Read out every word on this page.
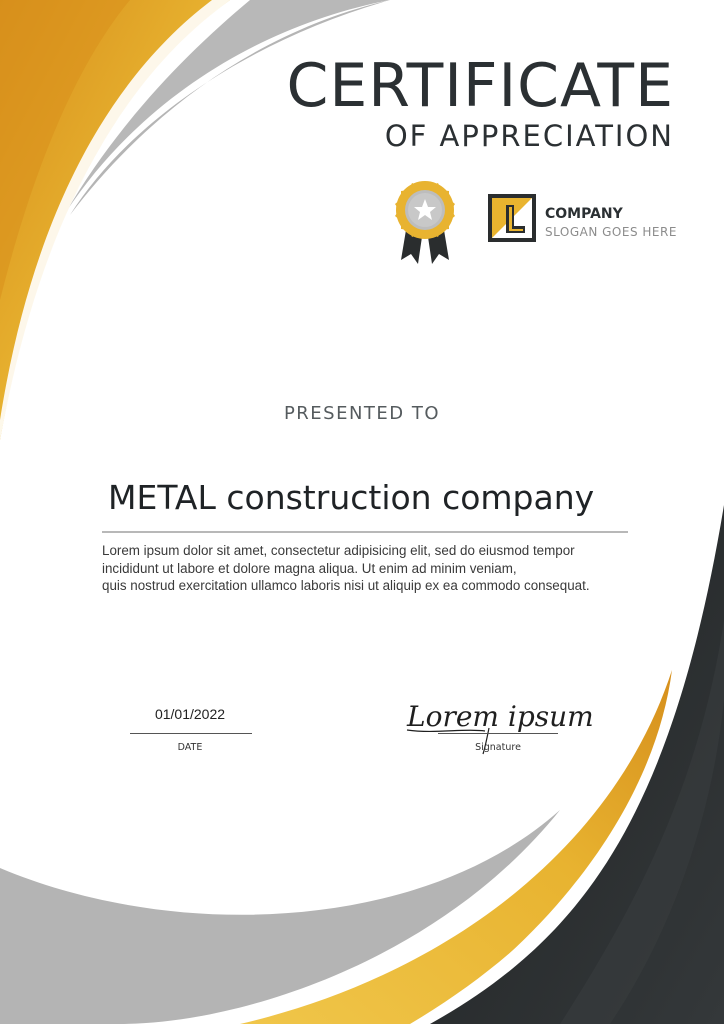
CERTIFICATE
OF APPRECIATION
COMPANY
SLOGAN GOES HERE
PRESENTED TO
METAL construction company
Lorem ipsum dolor sit amet, consectetur adipisicing elit, sed do eiusmod tempor
incididunt ut labore et dolore magna aliqua. Ut enim ad minim veniam,
quis nostrud exercitation ullamco laboris nisi ut aliquip ex ea commodo consequat.
01/01/2022
DATE
Lorem ipsum
Signature
